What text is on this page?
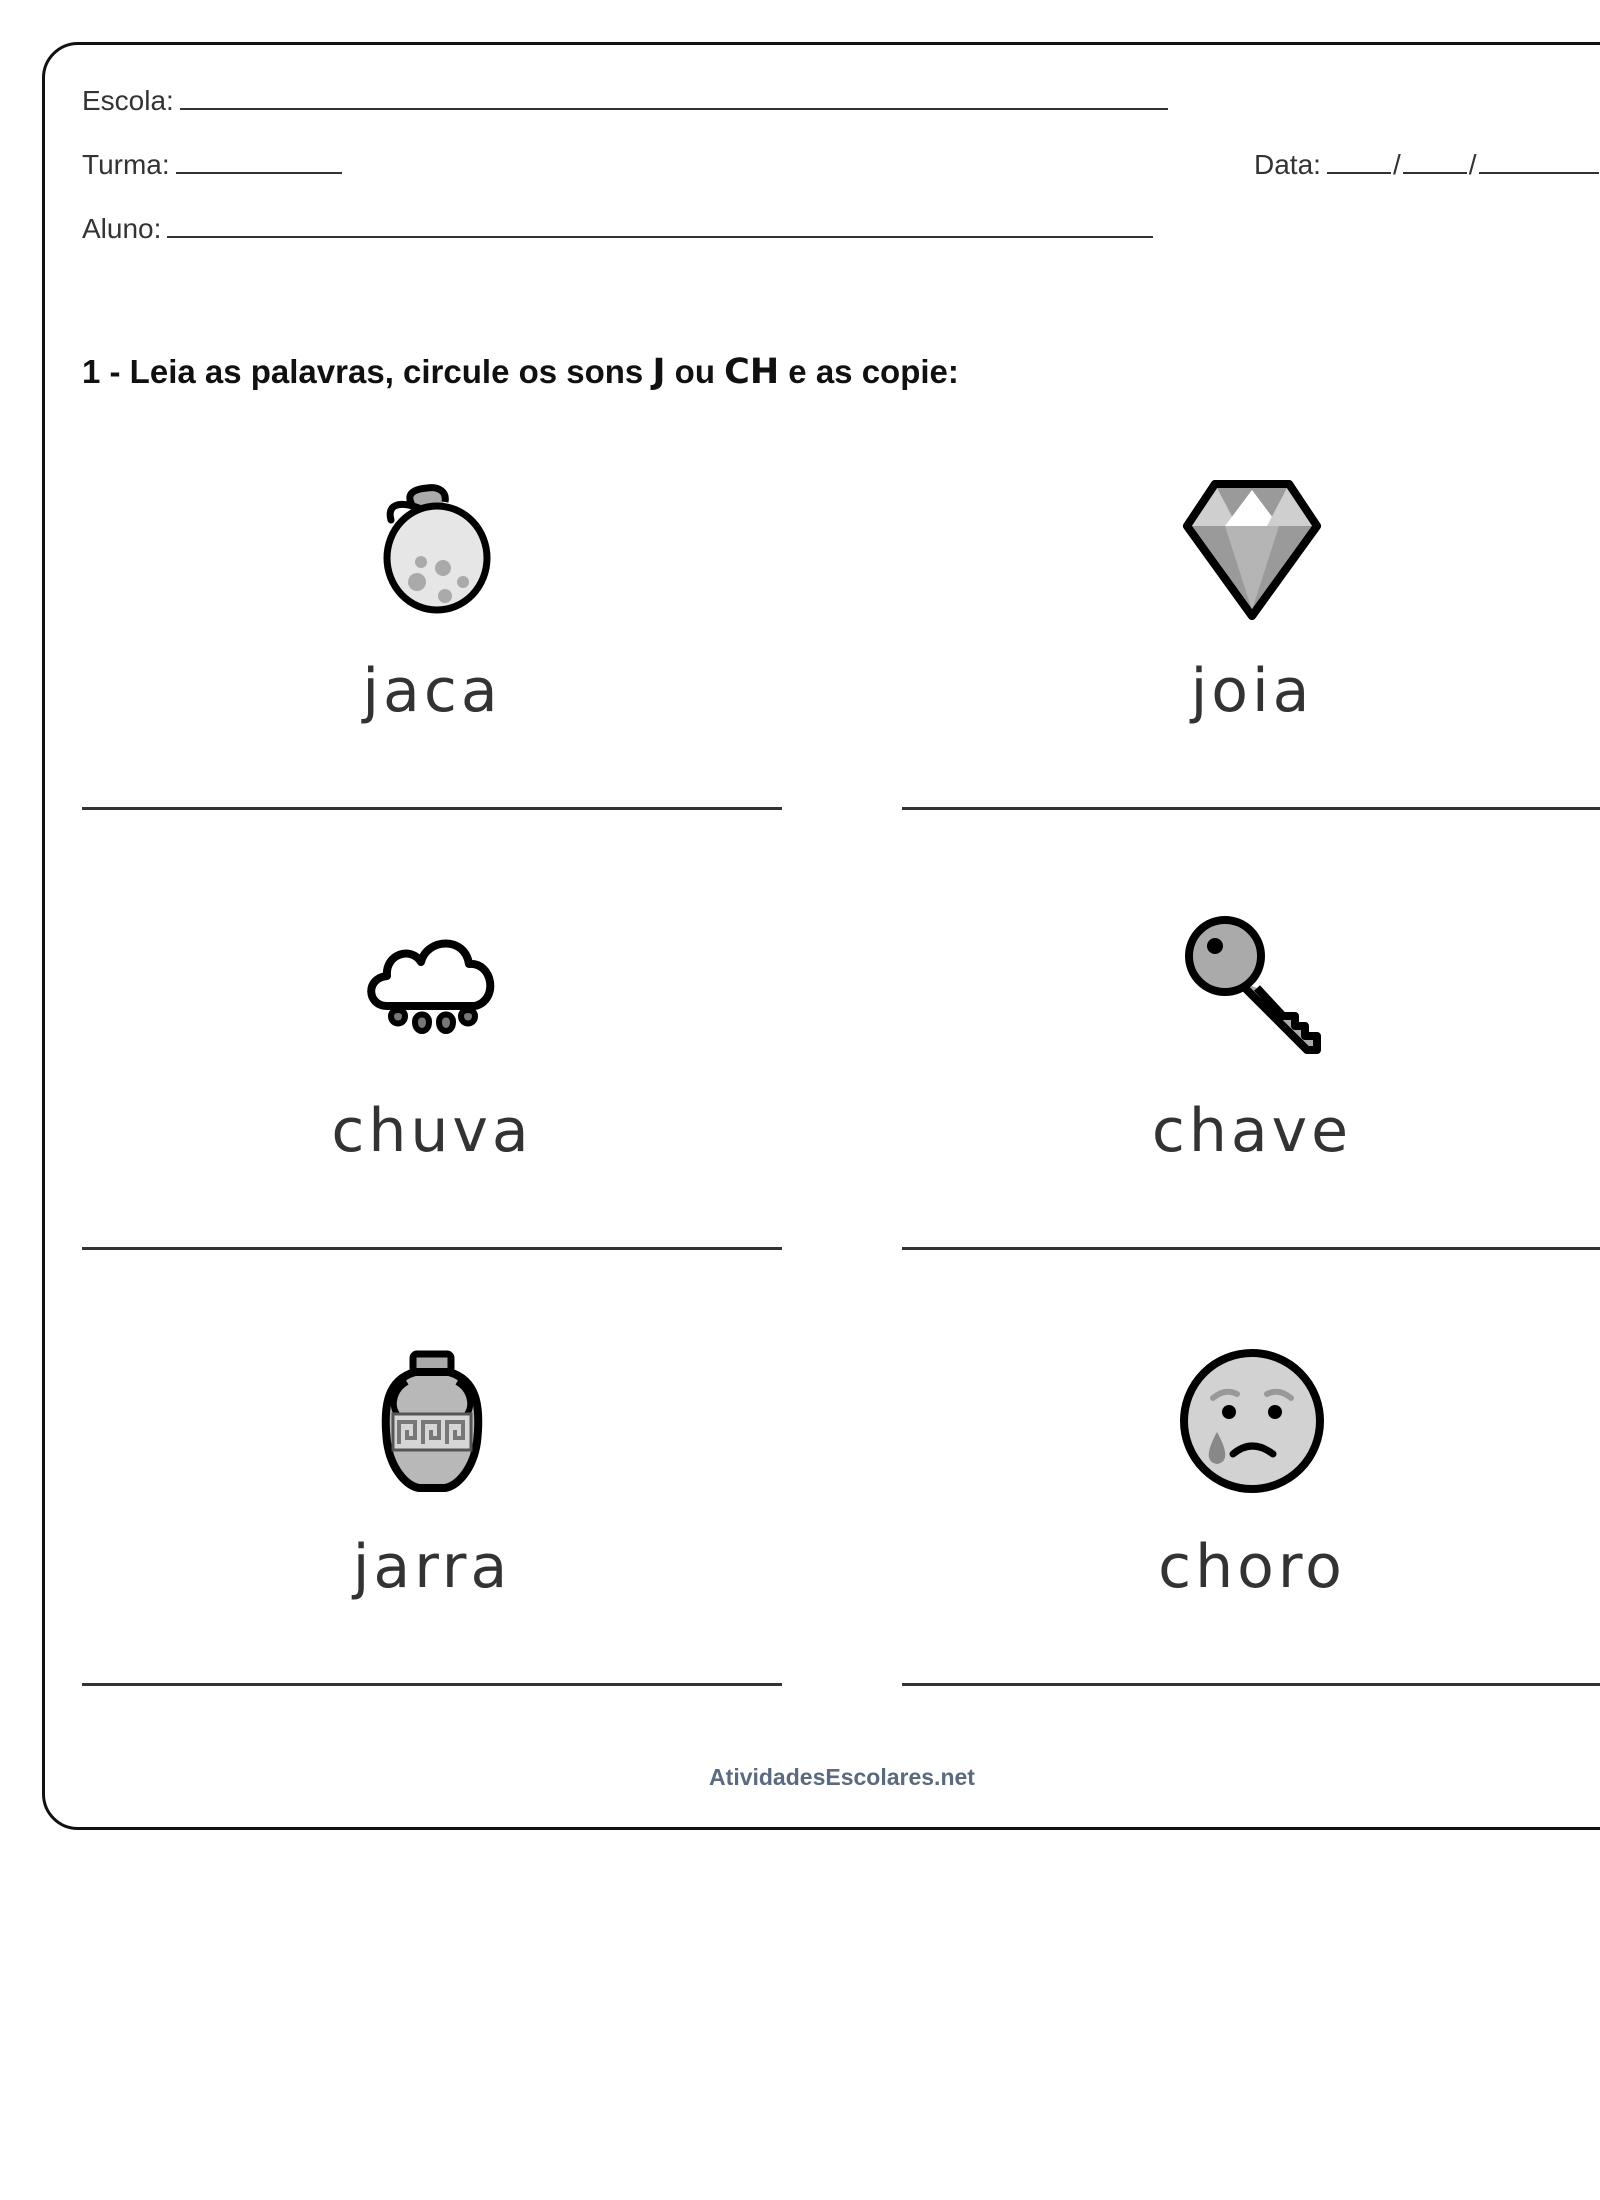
Escola:
Turma:	Data:	/ /
Aluno:
1 - Leia as palavras, circule os sons J ou CH e as copie:
jaca	joia
chuva	chave
jarra	choro
AtividadesEscolares.net
